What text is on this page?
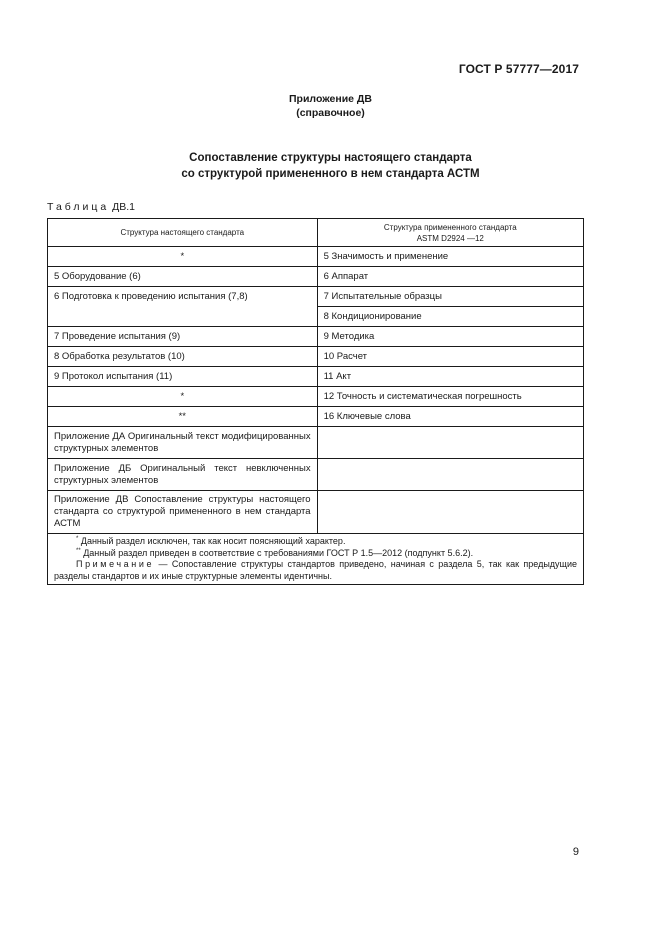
ГОСТ Р 57777—2017
Приложение ДВ
(справочное)
Сопоставление структуры настоящего стандарта
со структурой примененного в нем стандарта АСТМ
Таблица ДВ.1
Структура настоящего стандарта	Структура примененного стандарта
ASTM D2924 —12

*	5 Значимость и применение
5 Оборудование (6)	6 Аппарат
6 Подготовка к проведению испытания (7,8)	7 Испытательные образцы
	8 Кондиционирование
7 Проведение испытания (9)	9 Методика
8 Обработка результатов (10)	10 Расчет
9 Протокол испытания (11)	11 Акт
*	12 Точность и систематическая погрешность
**	16 Ключевые слова
Приложение ДА Оригинальный текст модифицированных структурных элементов	
Приложение ДБ Оригинальный текст невключенных структурных элементов	
Приложение ДВ Сопоставление структуры настоящего стандарта со структурой примененного в нем стандарта АСТМ	

* Данный раздел исключен, так как носит поясняющий характер.
** Данный раздел приведен в соответствие с требованиями ГОСТ Р 1.5—2012 (подпункт 5.6.2).
Примечание — Сопоставление структуры стандартов приведено, начиная с раздела 5, так как предыдущие разделы стандартов и их иные структурные элементы идентичны.	
9
